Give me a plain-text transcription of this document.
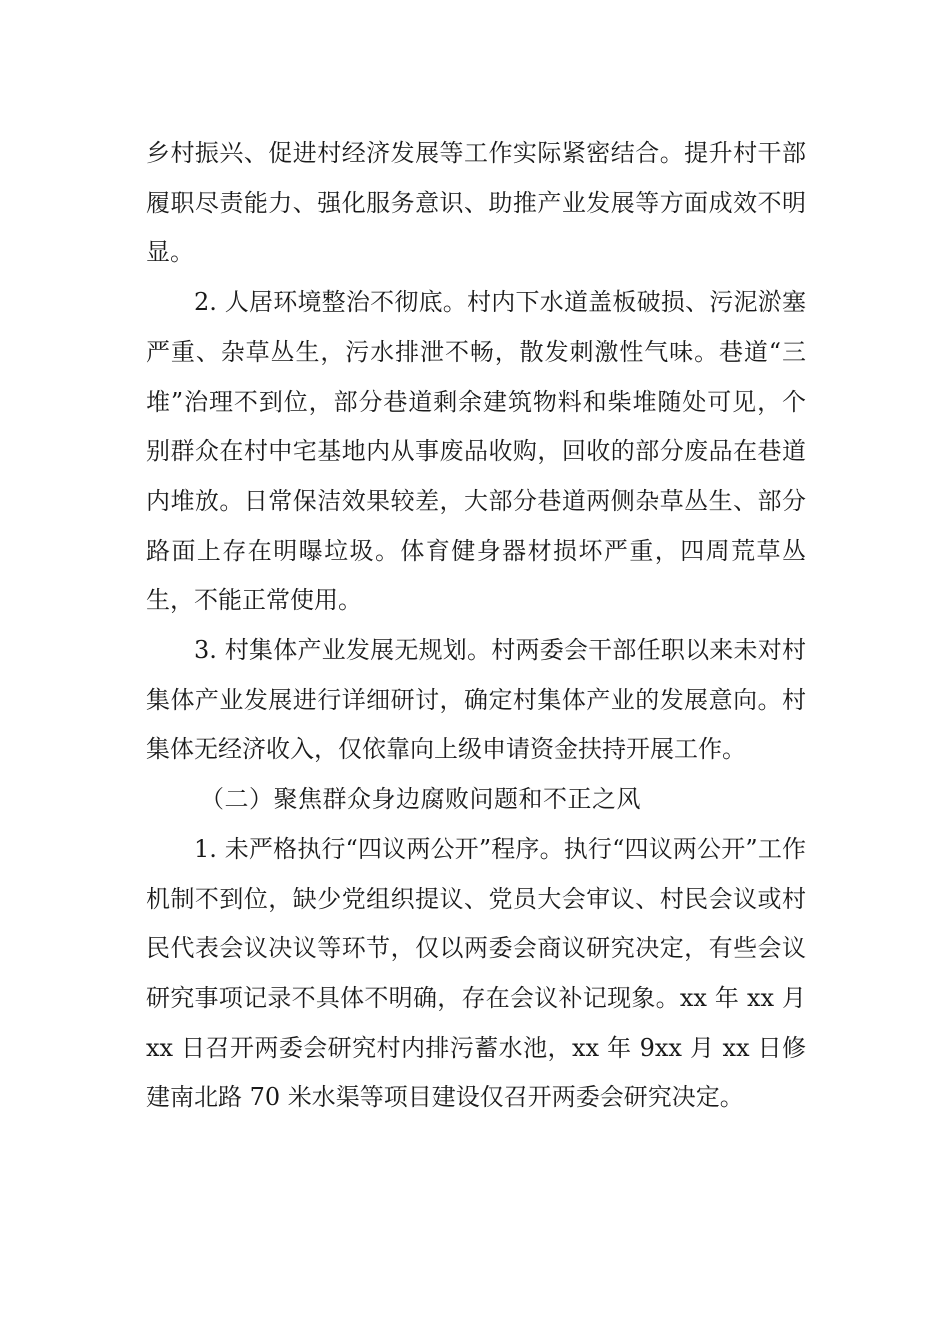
乡村振兴、促进村经济发展等工作实际紧密结合。提升村干部履职尽责能力、强化服务意识、助推产业发展等方面成效不明显。

2. 人居环境整治不彻底。村内下水道盖板破损、污泥淤塞严重、杂草丛生，污水排泄不畅，散发刺激性气味。巷道“三堆”治理不到位，部分巷道剩余建筑物料和柴堆随处可见，个别群众在村中宅基地内从事废品收购，回收的部分废品在巷道内堆放。日常保洁效果较差，大部分巷道两侧杂草丛生、部分路面上存在明曝垃圾。体育健身器材损坏严重，四周荒草丛生，不能正常使用。

3. 村集体产业发展无规划。村两委会干部任职以来未对村集体产业发展进行详细研讨，确定村集体产业的发展意向。村集体无经济收入，仅依靠向上级申请资金扶持开展工作。

（二）聚焦群众身边腐败问题和不正之风

1. 未严格执行“四议两公开”程序。执行“四议两公开”工作机制不到位，缺少党组织提议、党员大会审议、村民会议或村民代表会议决议等环节，仅以两委会商议研究决定，有些会议研究事项记录不具体不明确，存在会议补记现象。xx 年 xx 月 xx 日召开两委会研究村内排污蓄水池，xx 年 9xx 月 xx 日修建南北路 70 米水渠等项目建设仅召开两委会研究决定。
